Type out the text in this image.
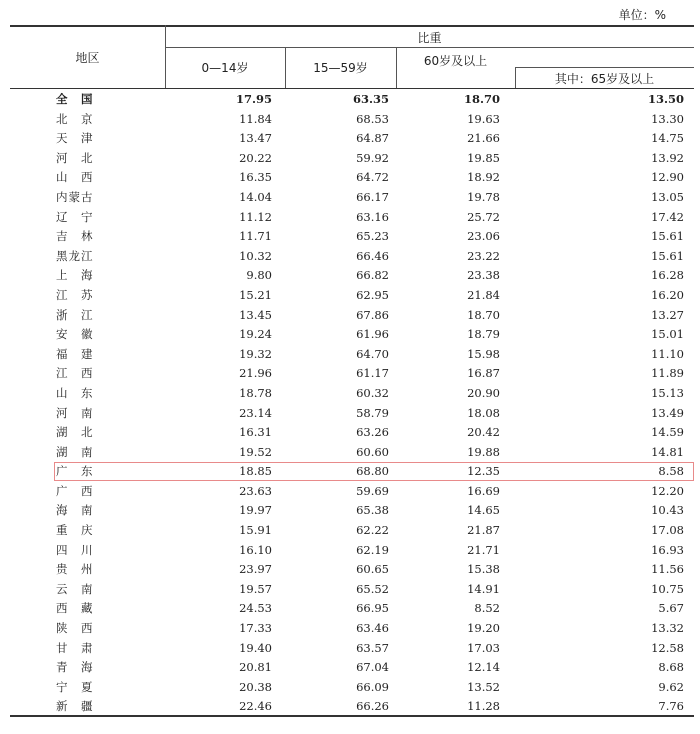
单位：%
地区
比重
0—14岁	15—59岁	60岁及以上
其中：65岁及以上
全　国	17.95	63.35	18.70	13.50
北　京	11.84	68.53	19.63	13.30
天　津	13.47	64.87	21.66	14.75
河　北	20.22	59.92	19.85	13.92
山　西	16.35	64.72	18.92	12.90
内蒙古	14.04	66.17	19.78	13.05
辽　宁	11.12	63.16	25.72	17.42
吉　林	11.71	65.23	23.06	15.61
黑龙江	10.32	66.46	23.22	15.61
上　海	9.80	66.82	23.38	16.28
江　苏	15.21	62.95	21.84	16.20
浙　江	13.45	67.86	18.70	13.27
安　徽	19.24	61.96	18.79	15.01
福　建	19.32	64.70	15.98	11.10
江　西	21.96	61.17	16.87	11.89
山　东	18.78	60.32	20.90	15.13
河　南	23.14	58.79	18.08	13.49
湖　北	16.31	63.26	20.42	14.59
湖　南	19.52	60.60	19.88	14.81
广　东	18.85	68.80	12.35	8.58
广　西	23.63	59.69	16.69	12.20
海　南	19.97	65.38	14.65	10.43
重　庆	15.91	62.22	21.87	17.08
四　川	16.10	62.19	21.71	16.93
贵　州	23.97	60.65	15.38	11.56
云　南	19.57	65.52	14.91	10.75
西　藏	24.53	66.95	8.52	5.67
陕　西	17.33	63.46	19.20	13.32
甘　肃	19.40	63.57	17.03	12.58
青　海	20.81	67.04	12.14	8.68
宁　夏	20.38	66.09	13.52	9.62
新　疆	22.46	66.26	11.28	7.76
